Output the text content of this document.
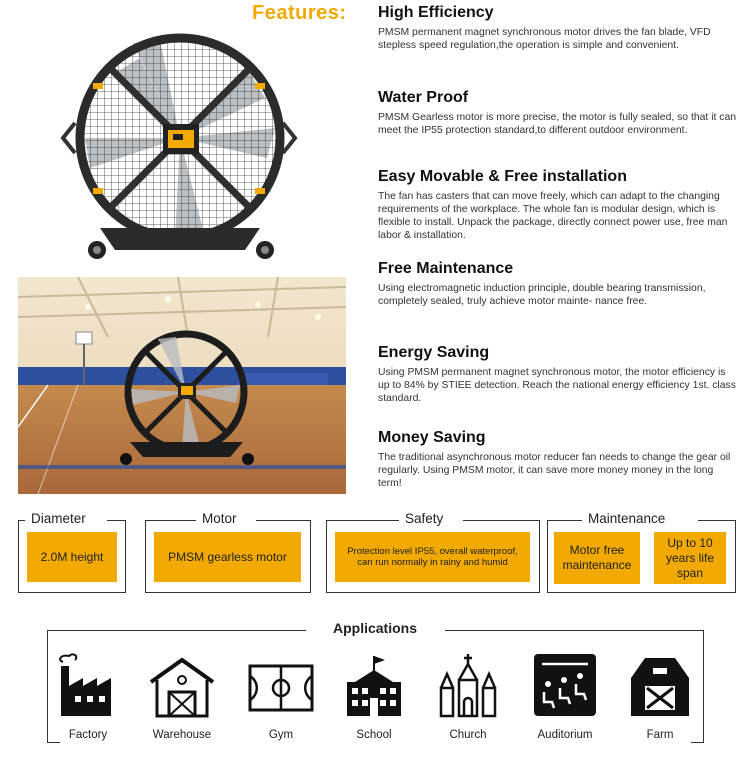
Features: High Efficiency

PMSM permanent magnet synchronous motor drives the fan blade, VFD stepless speed regulation,the operation is simple and convenient.

Water Proof

PMSM Gearless motor is more precise, the motor is fully sealed, so that it can meet the IP55 protection standard,to different outdoor environment.

Easy Movable & Free installation

The fan has casters that can move freely, which can adapt to the changing requirements of the workplace. The whole fan is modular design, which is flexible to install. Unpack the package, directly connect power use, free man labor & installation.

Free Maintenance

Using electromagnetic induction principle, double bearing transmission, completely sealed, truly achieve motor mainte- nance free.

Energy Saving

Using PMSM permanent magnet synchronous motor, the motor efficiency is up to 84% by STIEE detection. Reach the national energy efficiency 1st. class standard.

Money Saving

The traditional asynchronous motor reducer fan needs to change the gear oil regularly. Using PMSM motor, it can save more money money in the long term!

Diameter
2.0M height
Motor
PMSM gearless motor
Safety
Protection level IP55, overall waterproof, can run normally in rainy and humid
Maintenance
Motor free maintenance
Up to 10 years life span
Applications
Factory	Warehouse	Gym	School	Church	Auditorium	Farm
